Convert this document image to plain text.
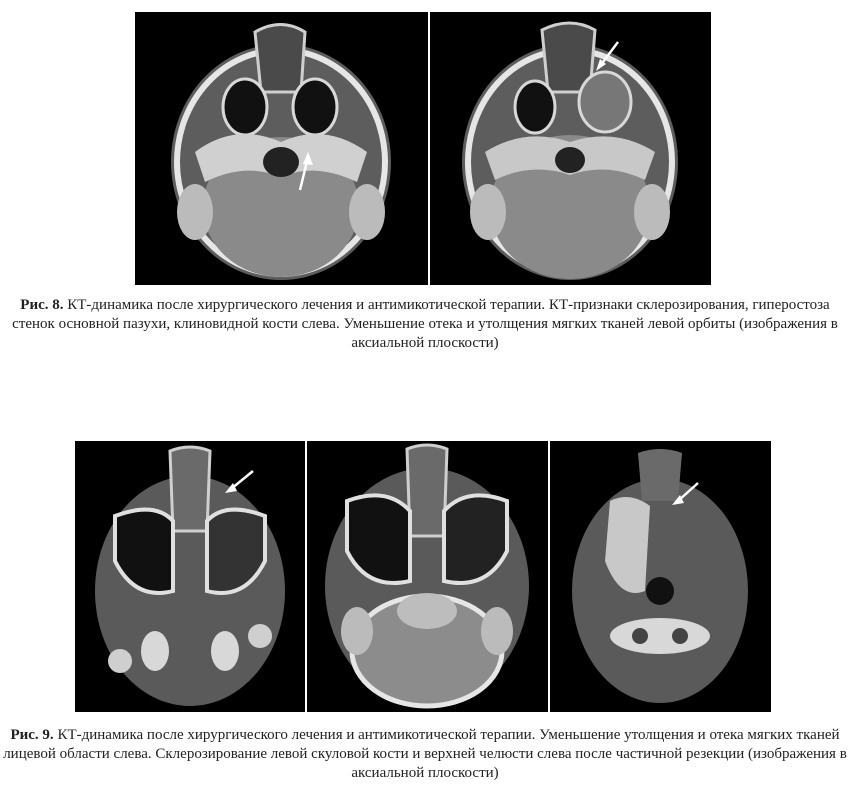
Рис. 8. КТ-динамика после хирургического лечения и антимикотической терапии. КТ-признаки склерозирования, гиперостоза стенок основной пазухи, клиновидной кости слева. Уменьшение отека и утолщения мягких тканей левой орбиты (изображения в аксиальной плоскости)
Рис. 9. КТ-динамика после хирургического лечения и антимикотической терапии. Уменьшение утолщения и отека мягких тканей лицевой области слева. Склерозирование левой скуловой кости и верхней челюсти слева после частичной резекции (изображения в аксиальной плоскости)
